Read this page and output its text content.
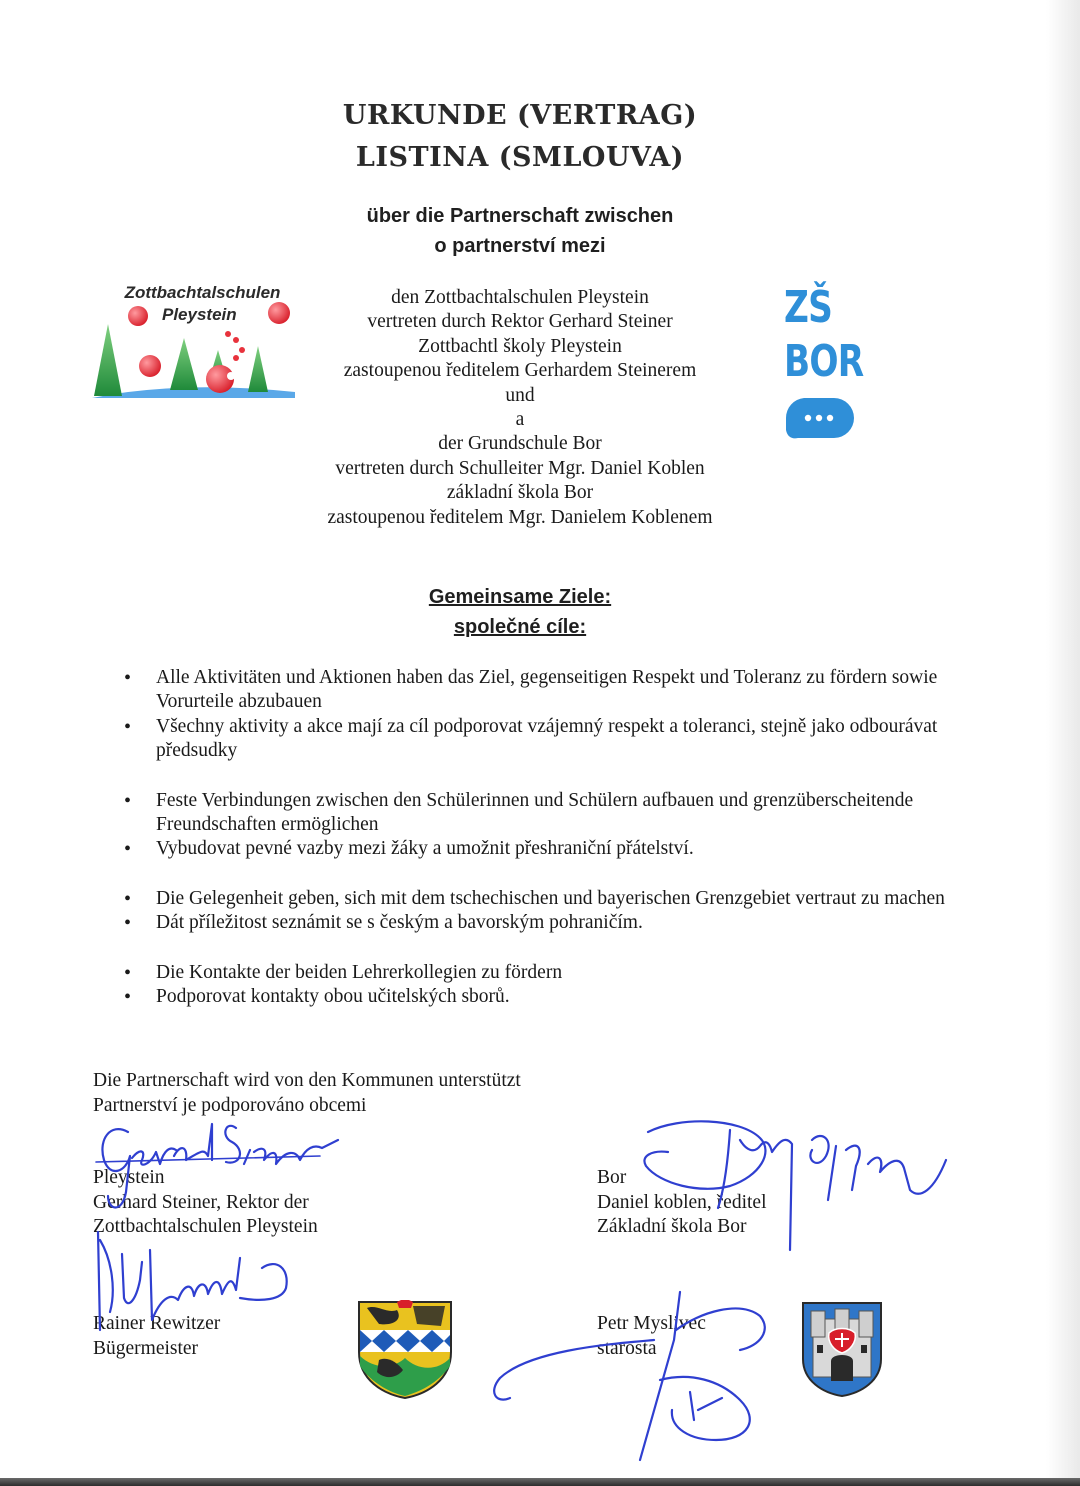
URKUNDE (VERTRAG)
LISTINA (SMLOUVA)
über die Partnerschaft zwischen
o partnerství mezi
Zottbachtalschulen
Pleystein
den Zottbachtalschulen Pleystein
vertreten durch Rektor Gerhard Steiner
Zottbachtl školy Pleystein
zastoupenou ředitelem Gerhardem Steinerem
und
a
der Grundschule Bor
vertreten durch Schulleiter Mgr. Daniel Koblen
základní škola Bor
zastoupenou ředitelem Mgr. Danielem Koblenem
ZŠ
BOR
Gemeinsame Ziele:
společné cíle:

• Alle Aktivitäten und Aktionen haben das Ziel, gegenseitigen Respekt und Toleranz zu fördern sowie Vorurteile abzubauen

• Všechny aktivity a akce mají za cíl podporovat vzájemný respekt a toleranci, stejně jako odbourávat předsudky

• Feste Verbindungen zwischen den Schülerinnen und Schülern aufbauen und grenzüberscheitende Freundschaften ermöglichen

• Vybudovat pevné vazby mezi žáky a umožnit přeshraniční přátelství.

• Die Gelegenheit geben, sich mit dem tschechischen und bayerischen Grenzgebiet vertraut zu machen

• Dát příležitost seznámit se s českým a bavorským pohraničím.

• Die Kontakte der beiden Lehrerkollegien zu fördern

• Podporovat kontakty obou učitelských sborů.

Die Partnerschaft wird von den Kommunen unterstützt
Partnerství je podporováno obcemi
Pleystein
Gerhard Steiner, Rektor der
Zottbachtalschulen Pleystein
Rainer Rewitzer
Bügermeister
Bor
Daniel koblen, ředitel
Základní škola Bor
Petr Myslivec
starosta
